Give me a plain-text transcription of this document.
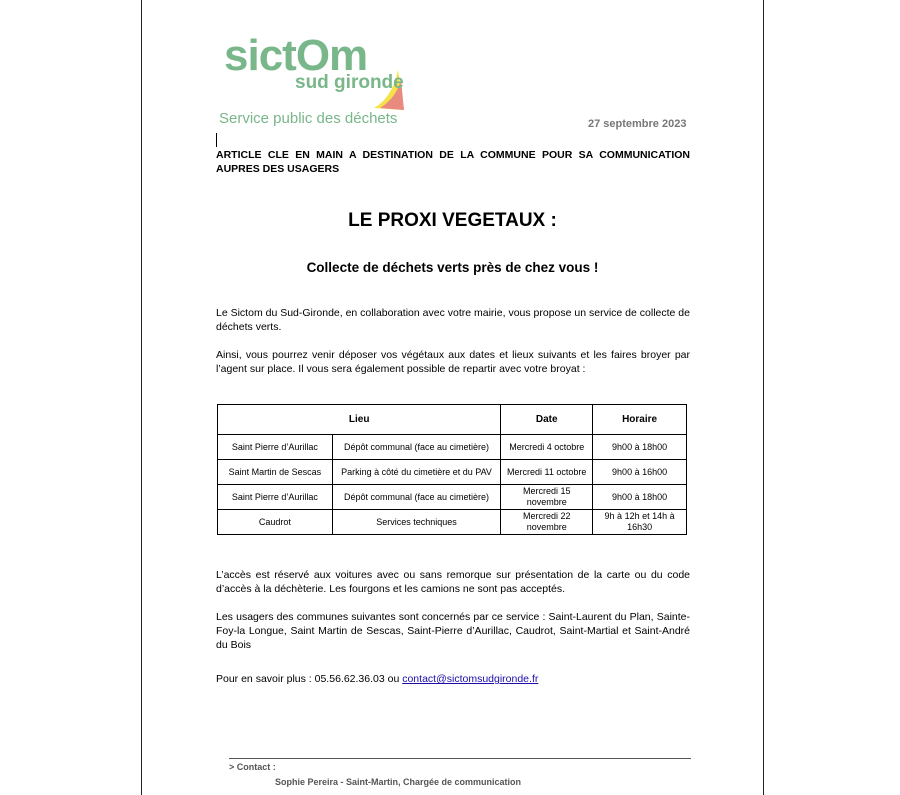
sictOm
sud gironde
Service public des déchets	27 septembre 2023
ARTICLE CLE EN MAIN A DESTINATION DE LA COMMUNE POUR SA COMMUNICATION
AUPRES DES USAGERS
LE PROXI VEGETAUX :
Collecte de déchets verts près de chez vous !
Le Sictom du Sud-Gironde, en collaboration avec votre mairie, vous propose un service de collecte de déchets verts.
Ainsi, vous pourrez venir déposer vos végétaux aux dates et lieux suivants et les faires broyer par l’agent sur place. Il vous sera également possible de repartir avec votre broyat :
Lieu		Date	Horaire
Saint Pierre d’Aurillac	Dépôt communal (face au cimetière)	Mercredi 4 octobre	9h00 à 18h00
Saint Martin de Sescas	Parking à côté du cimetière et du PAV	Mercredi 11 octobre	9h00 à 16h00
Saint Pierre d’Aurillac	Dépôt communal (face au cimetière)	Mercredi 15 novembre	9h00 à 18h00
Caudrot	Services techniques	Mercredi 22 novembre	9h à 12h et 14h à 16h30
L’accès est réservé aux voitures avec ou sans remorque sur présentation de la carte ou du code d’accès à la déchèterie. Les fourgons et les camions ne sont pas acceptés.
Les usagers des communes suivantes sont concernés par ce service : Saint-Laurent du Plan, Sainte-Foy-la Longue, Saint Martin de Sescas, Saint-Pierre d’Aurillac, Caudrot, Saint-Martial et Saint-André du Bois
Pour en savoir plus : 05.56.62.36.03 ou contact@sictomsudgironde.fr
> Contact :
Sophie Pereira - Saint-Martin, Chargée de communication
